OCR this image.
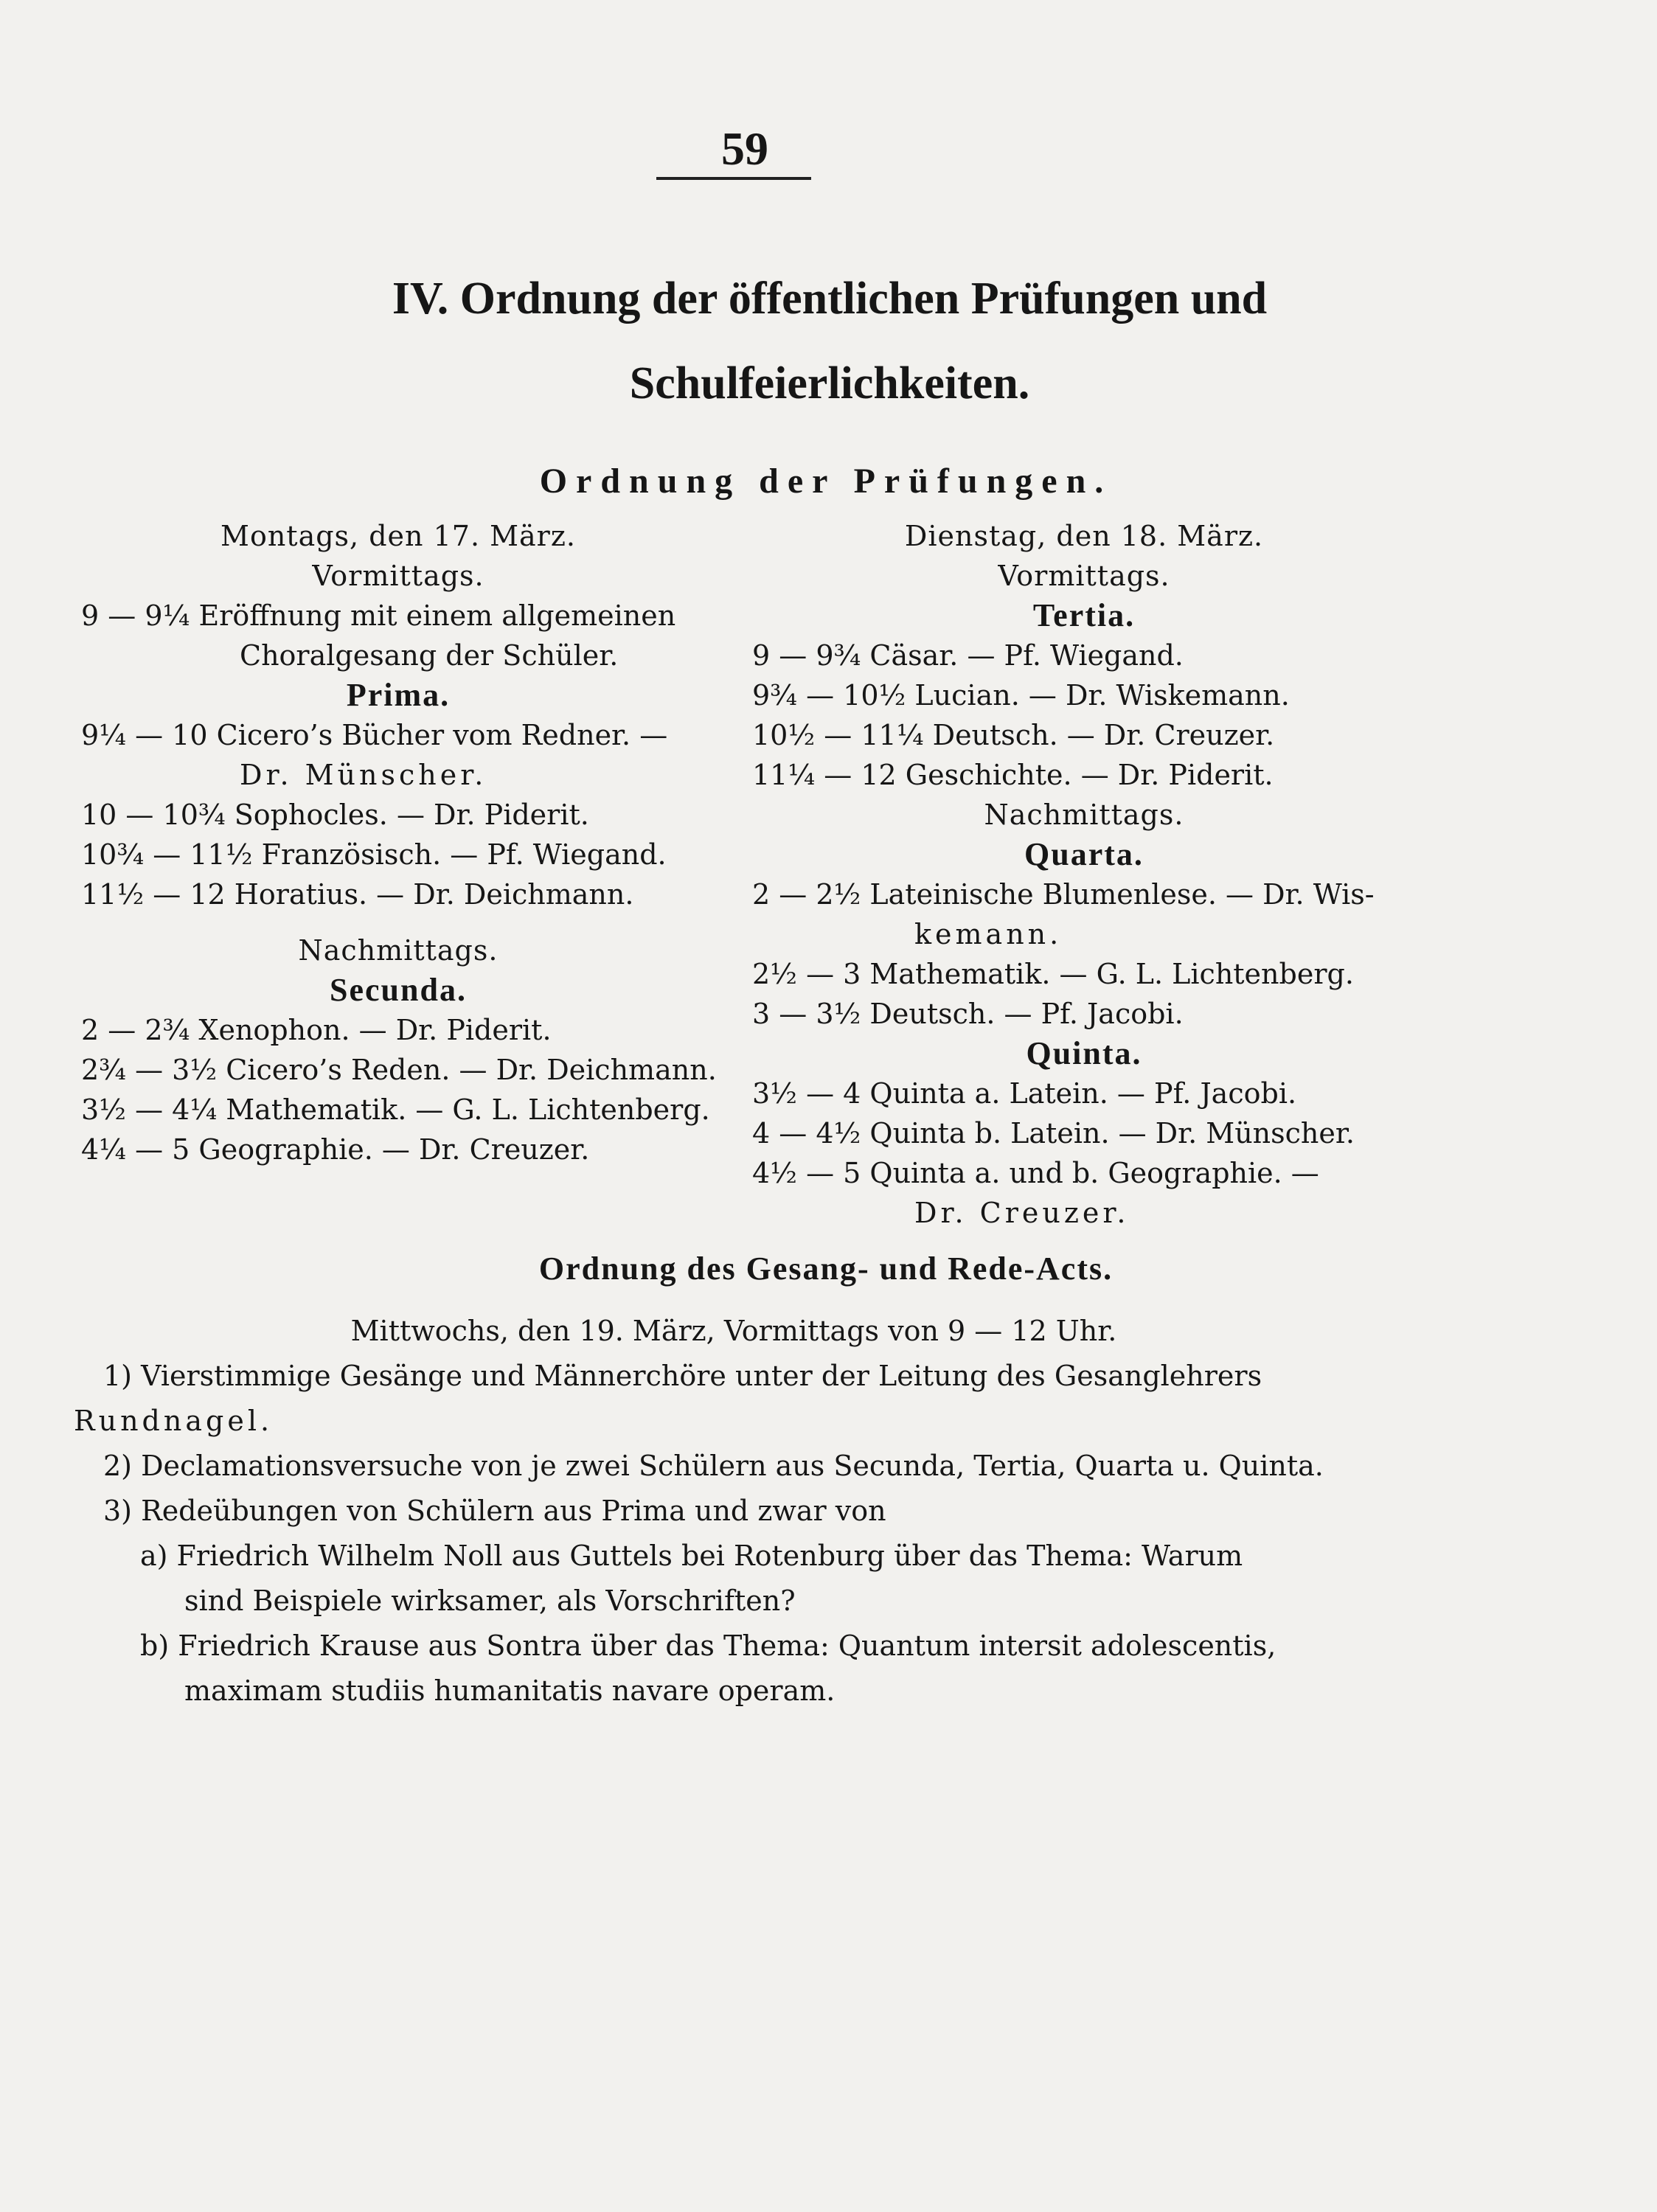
59
IV. Ordnung der öffentlichen Prüfungen und
Schulfeierlichkeiten.
Ordnung der Prüfungen.
Montags, den 17. März.
Vormittags.
9 — 9¼ Eröffnung mit einem allgemeinen
Choralgesang der Schüler.
Prima.
9¼ — 10 Cicero’s Bücher vom Redner. —
Dr. Münscher.
10 — 10¾ Sophocles. — Dr. Piderit.
10¾ — 11½ Französisch. — Pf. Wiegand.
11½ — 12 Horatius. — Dr. Deichmann.
Nachmittags.
Secunda.
2 — 2¾ Xenophon. — Dr. Piderit.
2¾ — 3½ Cicero’s Reden. — Dr. Deichmann.
3½ — 4¼ Mathematik. — G. L. Lichtenberg.
4¼ — 5 Geographie. — Dr. Creuzer.
Dienstag, den 18. März.
Vormittags.
Tertia.
9 — 9¾ Cäsar. — Pf. Wiegand.
9¾ — 10½ Lucian. — Dr. Wiskemann.
10½ — 11¼ Deutsch. — Dr. Creuzer.
11¼ — 12 Geschichte. — Dr. Piderit.
Nachmittags.
Quarta.
2 — 2½ Lateinische Blumenlese. — Dr. Wis-
kemann.
2½ — 3 Mathematik. — G. L. Lichtenberg.
3 — 3½ Deutsch. — Pf. Jacobi.
Quinta.
3½ — 4 Quinta a. Latein. — Pf. Jacobi.
4 — 4½ Quinta b. Latein. — Dr. Münscher.
4½ — 5 Quinta a. und b. Geographie. —
Dr. Creuzer.
Ordnung des Gesang- und Rede-Acts.
Mittwochs, den 19. März, Vormittags von 9 — 12 Uhr.
1) Vierstimmige Gesänge und Männerchöre unter der Leitung des Gesanglehrers
Rundnagel.
2) Declamationsversuche von je zwei Schülern aus Secunda, Tertia, Quarta u. Quinta.
3) Redeübungen von Schülern aus Prima und zwar von
a) Friedrich Wilhelm Noll aus Guttels bei Rotenburg über das Thema: Warum
sind Beispiele wirksamer, als Vorschriften?
b) Friedrich Krause aus Sontra über das Thema: Quantum intersit adolescentis,
maximam studiis humanitatis navare operam.
